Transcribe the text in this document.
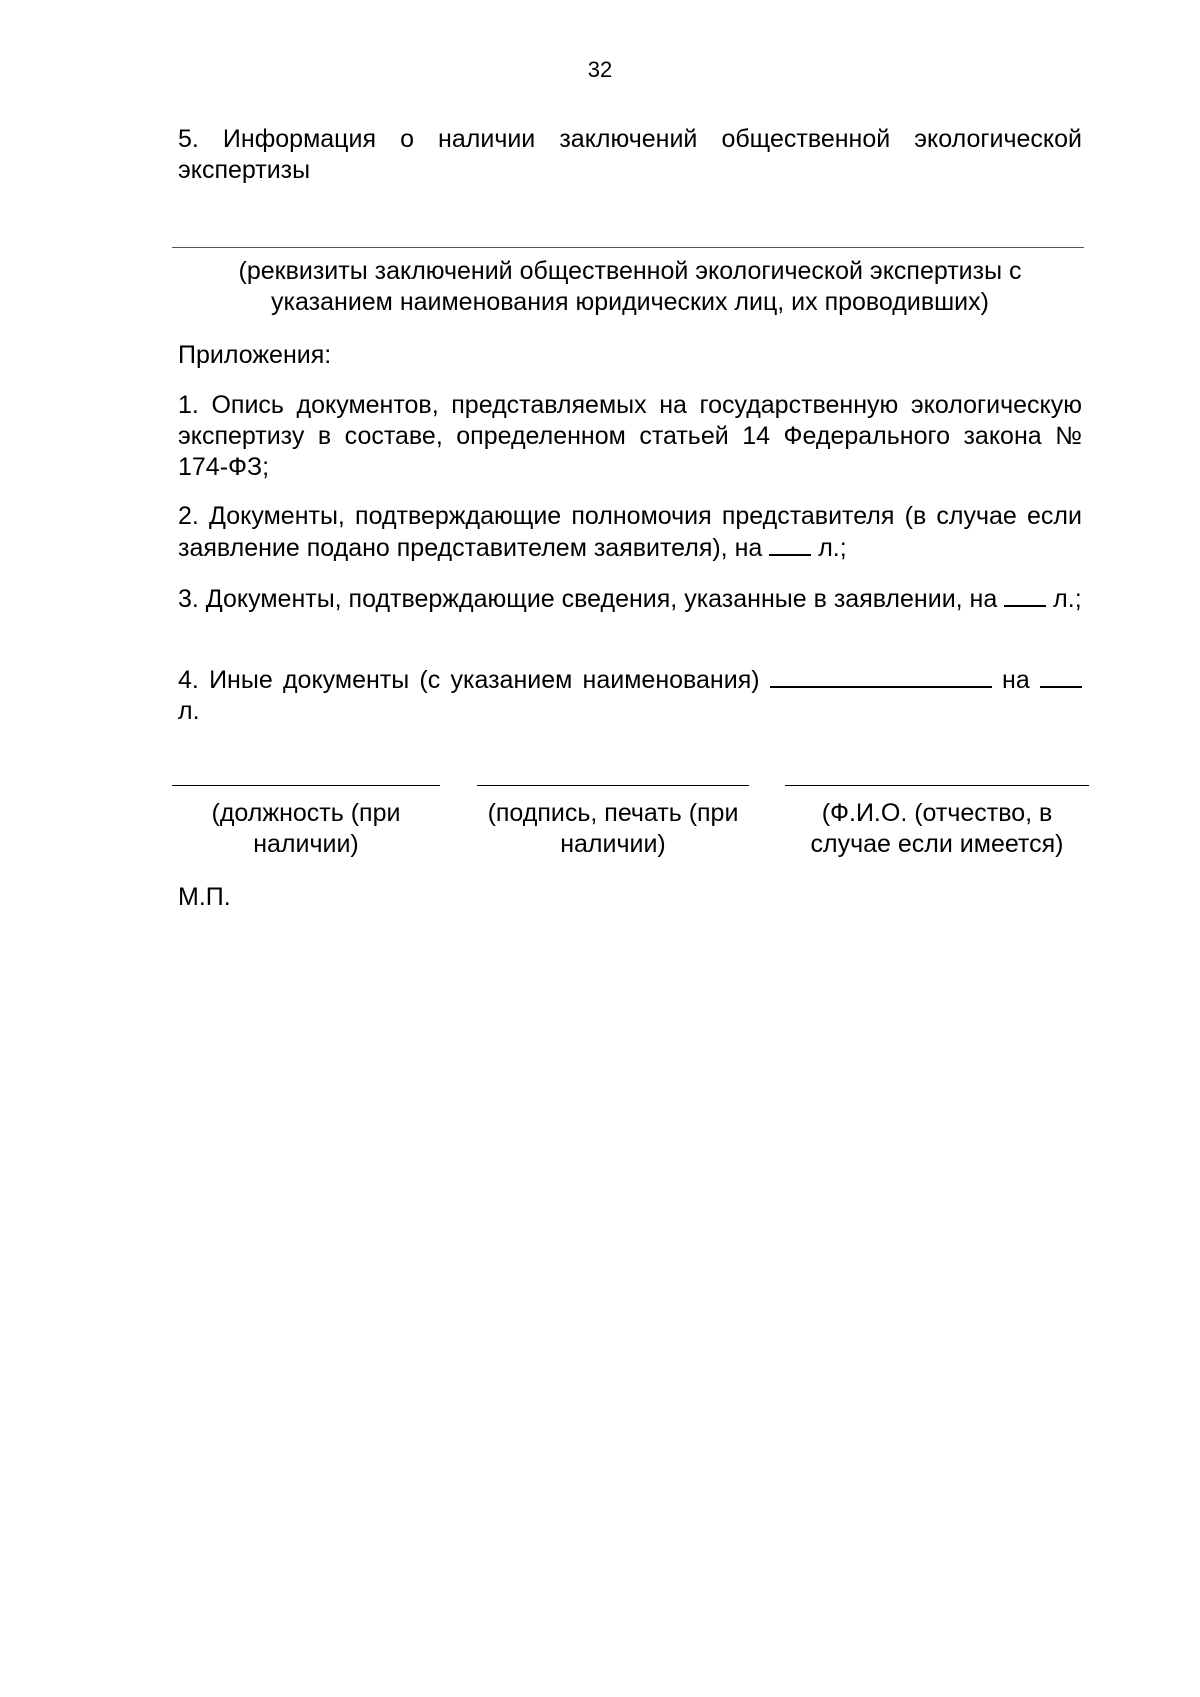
32

5. Информация о наличии заключений общественной экологической экспертизы

(реквизиты заключений общественной экологической экспертизы с указанием наименования юридических лиц, их проводивших)

Приложения:

1. Опись документов, представляемых на государственную экологическую экспертизу в составе, определенном статьей 14 Федерального закона № 174-ФЗ;

2. Документы, подтверждающие полномочия представителя (в случае если заявление подано представителем заявителя), на л.;

3. Документы, подтверждающие сведения, указанные в заявлении, на л.;

4. Иные документы (с указанием наименования)	на  л.

(должность (при наличии)

(подпись, печать (при наличии)

(Ф.И.О. (отчество, в случае если имеется)

М.П.
